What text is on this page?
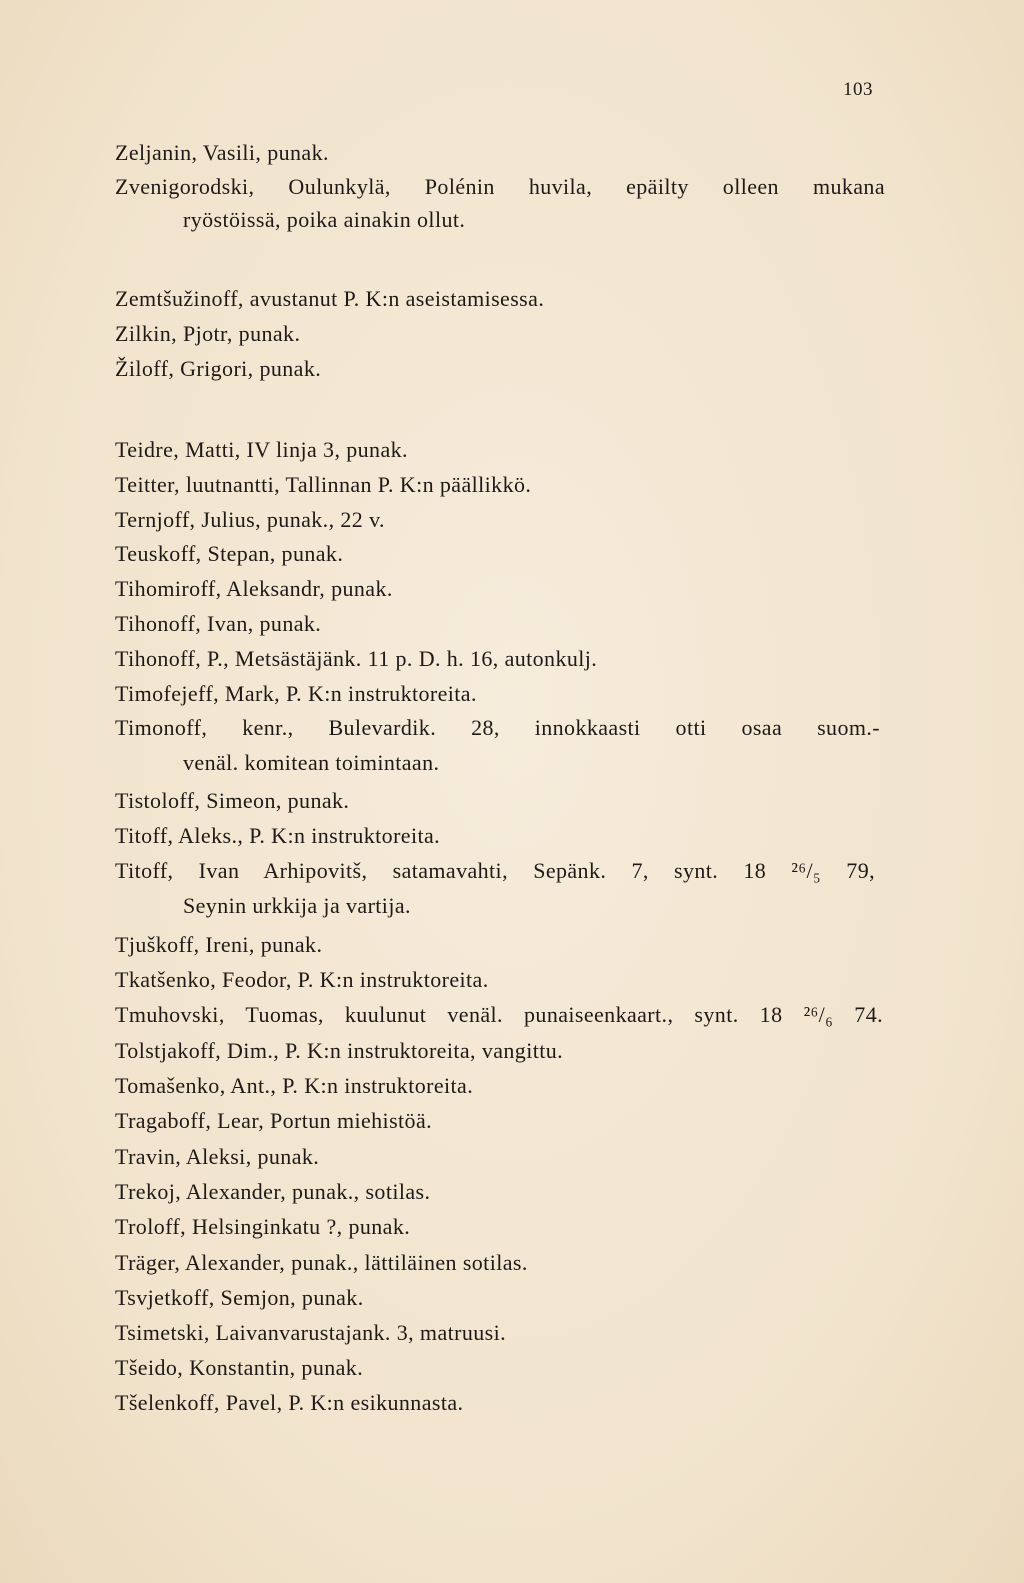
103
Zeljanin, Vasili, punak.
Zvenigorodski, Oulunkylä, Polénin huvila, epäilty olleen mukana
ryöstöissä, poika ainakin ollut.
Zemtšužinoff, avustanut P. K:n aseistamisessa.
Zilkin, Pjotr, punak.
Žiloff, Grigori, punak.
Teidre, Matti, IV linja 3, punak.
Teitter, luutnantti, Tallinnan P. K:n päällikkö.
Ternjoff, Julius, punak., 22 v.
Teuskoff, Stepan, punak.
Tihomiroff, Aleksandr, punak.
Tihonoff, Ivan, punak.
Tihonoff, P., Metsästäjänk. 11 p. D. h. 16, autonkulj.
Timofejeff, Mark, P. K:n instruktoreita.
Timonoff, kenr., Bulevardik. 28, innokkaasti otti osaa suom.-
venäl. komitean toimintaan.
Tistoloff, Simeon, punak.
Titoff, Aleks., P. K:n instruktoreita.
Titoff, Ivan Arhipovitš, satamavahti, Sepänk. 7, synt. 18 ²⁶/₅ 79,
Seynin urkkija ja vartija.
Tjuškoff, Ireni, punak.
Tkatšenko, Feodor, P. K:n instruktoreita.
Tmuhovski, Tuomas, kuulunut venäl. punaiseenkaart., synt. 18 ²⁶/₆ 74.
Tolstjakoff, Dim., P. K:n instruktoreita, vangittu.
Tomašenko, Ant., P. K:n instruktoreita.
Tragaboff, Lear, Portun miehistöä.
Travin, Aleksi, punak.
Trekoj, Alexander, punak., sotilas.
Troloff, Helsinginkatu ?, punak.
Träger, Alexander, punak., lättiläinen sotilas.
Tsvjetkoff, Semjon, punak.
Tsimetski, Laivanvarustajank. 3, matruusi.
Tšeido, Konstantin, punak.
Tšelenkoff, Pavel, P. K:n esikunnasta.
